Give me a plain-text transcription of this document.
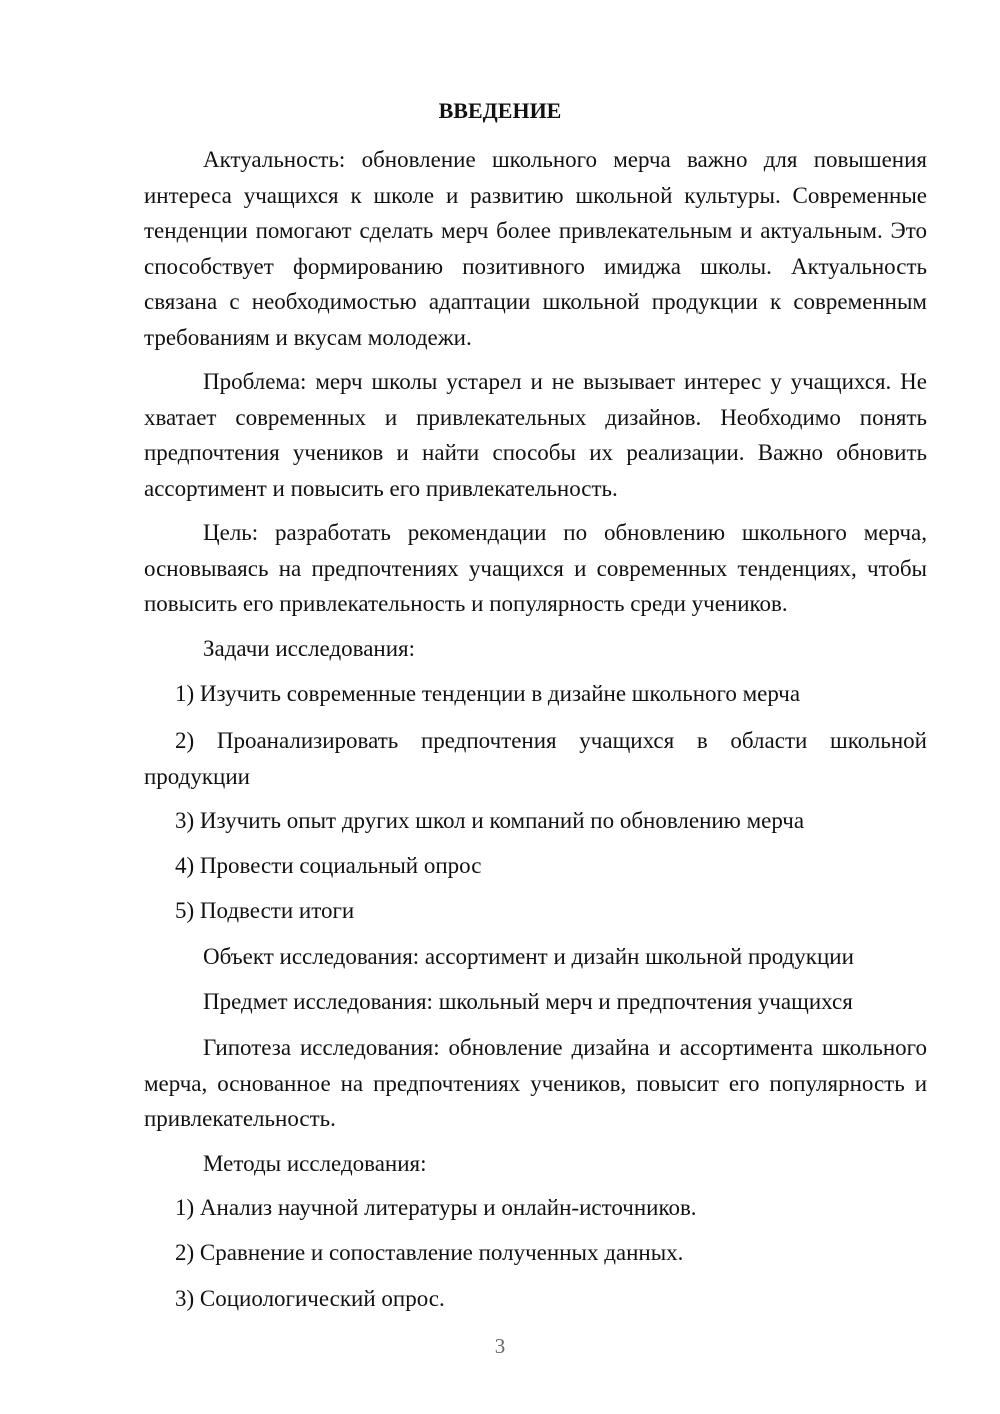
ВВЕДЕНИЕ

Актуальность: обновление школьного мерча важно для повышения интереса учащихся к школе и развитию школьной культуры. Современные тенденции помогают сделать мерч более привлекательным и актуальным. Это способствует формированию позитивного имиджа школы. Актуальность связана с необходимостью адаптации школьной продукции к современным требованиям и вкусам молодежи.

Проблема: мерч школы устарел и не вызывает интерес у учащихся. Не хватает современных и привлекательных дизайнов. Необходимо понять предпочтения учеников и найти способы их реализации. Важно обновить ассортимент и повысить его привлекательность.

Цель: разработать рекомендации по обновлению школьного мерча, основываясь на предпочтениях учащихся и современных тенденциях, чтобы повысить его привлекательность и популярность среди учеников.

Задачи исследования:
1) Изучить современные тенденции в дизайне школьного мерча

2) Проанализировать предпочтения учащихся в области школьной продукции

3) Изучить опыт других школ и компаний по обновлению мерча
4) Провести социальный опрос
5) Подвести итоги
Объект исследования: ассортимент и дизайн школьной продукции
Предмет исследования: школьный мерч и предпочтения учащихся

Гипотеза исследования: обновление дизайна и ассортимента школьного мерча, основанное на предпочтениях учеников, повысит его популярность и привлекательность.

Методы исследования:
1) Анализ научной литературы и онлайн-источников.
2) Сравнение и сопоставление полученных данных.
3) Социологический опрос.
3
